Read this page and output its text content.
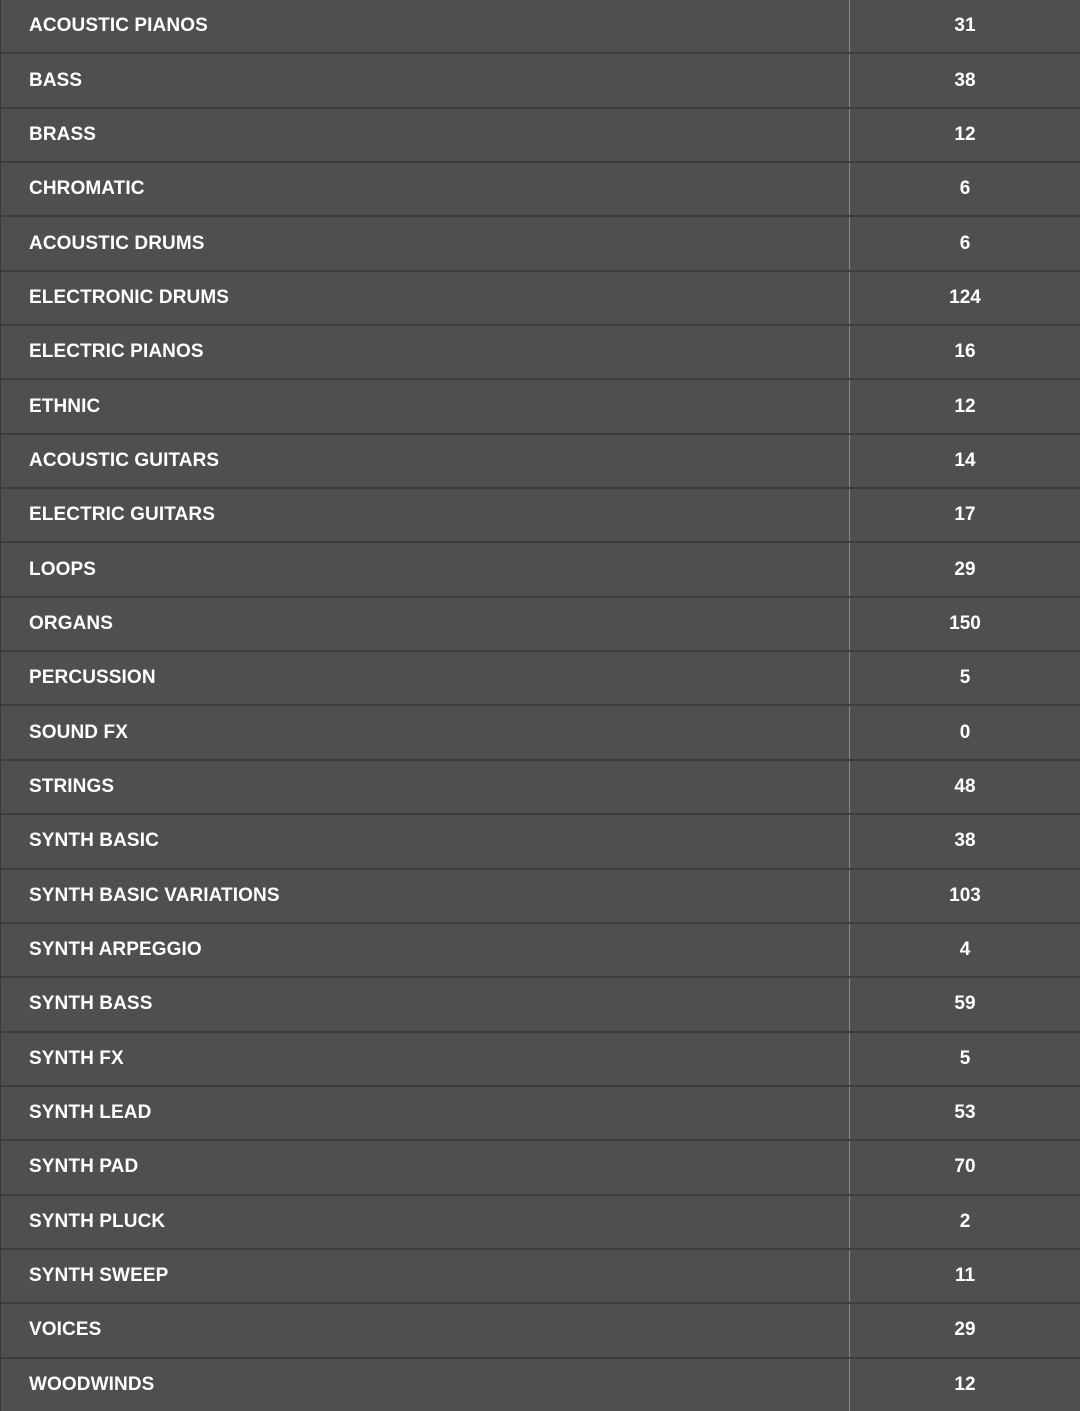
ACOUSTIC PIANOS	31
BASS	38
BRASS	12
CHROMATIC	6
ACOUSTIC DRUMS	6
ELECTRONIC DRUMS	124
ELECTRIC PIANOS	16
ETHNIC	12
ACOUSTIC GUITARS	14
ELECTRIC GUITARS	17
LOOPS	29
ORGANS	150
PERCUSSION	5
SOUND FX	0
STRINGS	48
SYNTH BASIC	38
SYNTH BASIC VARIATIONS	103
SYNTH ARPEGGIO	4
SYNTH BASS	59
SYNTH FX	5
SYNTH LEAD	53
SYNTH PAD	70
SYNTH PLUCK	2
SYNTH SWEEP	11
VOICES	29
WOODWINDS	12
